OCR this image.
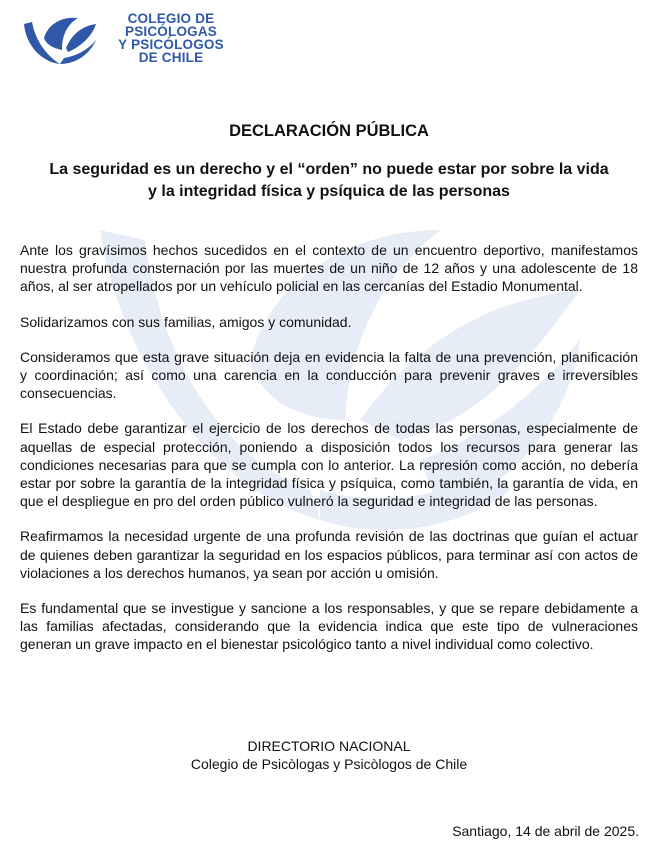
COLEGIO DE
PSICÓLOGAS
Y PSICÓLOGOS
DE CHILE
DECLARACIÓN PÚBLICA
La seguridad es un derecho y el “orden” no puede estar por sobre la vida
y la integridad física y psíquica de las personas

Ante los gravísimos hechos sucedidos en el contexto de un encuentro deportivo, manifestamos nuestra profunda consternación por las muertes de un niño de 12 años y una adolescente de 18 años, al ser atropellados por un vehículo policial en las cercanías del Estadio Monumental.

Solidarizamos con sus familias, amigos y comunidad.

Consideramos que esta grave situación deja en evidencia la falta de una prevención, planificación y coordinación; así como una carencia en la conducción para prevenir graves e irreversibles consecuencias.

El Estado debe garantizar el ejercicio de los derechos de todas las personas, especialmente de aquellas de especial protección, poniendo a disposición todos los recursos para generar las condiciones necesarias para que se cumpla con lo anterior. La represión como acción, no debería estar por sobre la garantía de la integridad física y psíquica, como también, la garantía de vida, en que el despliegue en pro del orden público vulneró la seguridad e integridad de las personas.

Reafirmamos la necesidad urgente de una profunda revisión de las doctrinas que guían el actuar de quienes deben garantizar la seguridad en los espacios públicos, para terminar así con actos de violaciones a los derechos humanos, ya sean por acción u omisión.

Es fundamental que se investigue y sancione a los responsables, y que se repare debidamente a las familias afectadas, considerando que la evidencia indica que este tipo de vulneraciones generan un grave impacto en el bienestar psicológico tanto a nivel individual como colectivo.

DIRECTORIO NACIONAL
Colegio de Psicòlogas y Psicòlogos de Chile
Santiago, 14 de abril de 2025.
